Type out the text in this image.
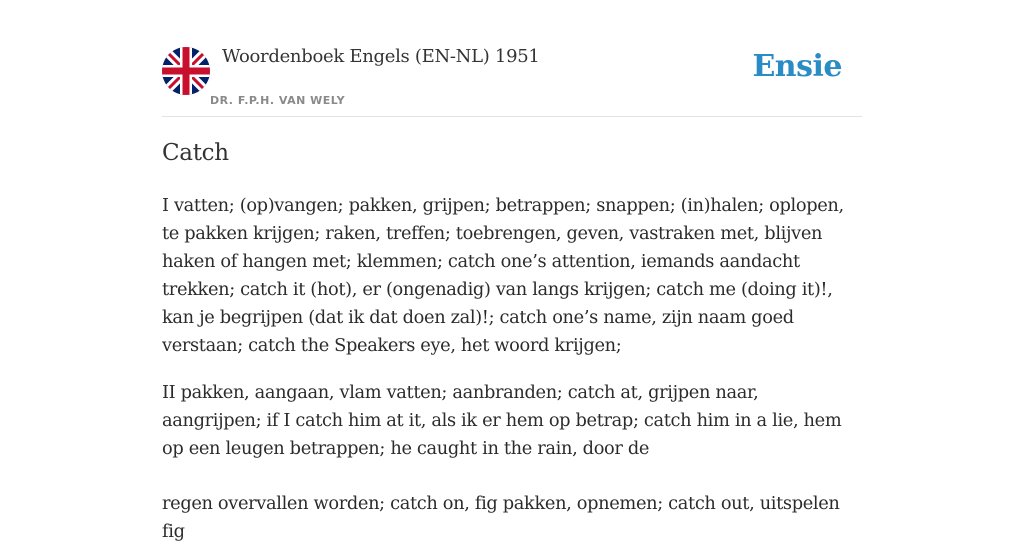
Woordenboek Engels (EN-NL) 1951
DR. F.P.H. VAN WELY
Ensie
Catch

I vatten; (op)vangen; pakken, grijpen; betrappen; snappen; (in)halen; oplopen, te pakken krijgen; raken, treffen; toebrengen, geven, vastraken met, blijven haken of hangen met; klemmen; catch one’s attention, iemands aandacht trekken; catch it (hot), er (ongenadig) van langs krijgen; catch me (doing it)!, kan je begrijpen (dat ik dat doen zal)!; catch one’s name, zijn naam goed verstaan; catch the Speakers eye, het woord krijgen;

II pakken, aangaan, vlam vatten; aanbranden; catch at, grijpen naar, aangrijpen; if I catch him at it, als ik er hem op betrap; catch him in a lie, hem op een leugen betrappen; he caught in the rain, door de

regen overvallen worden; catch on, fig pakken, opnemen; catch out, uitspelen fig
